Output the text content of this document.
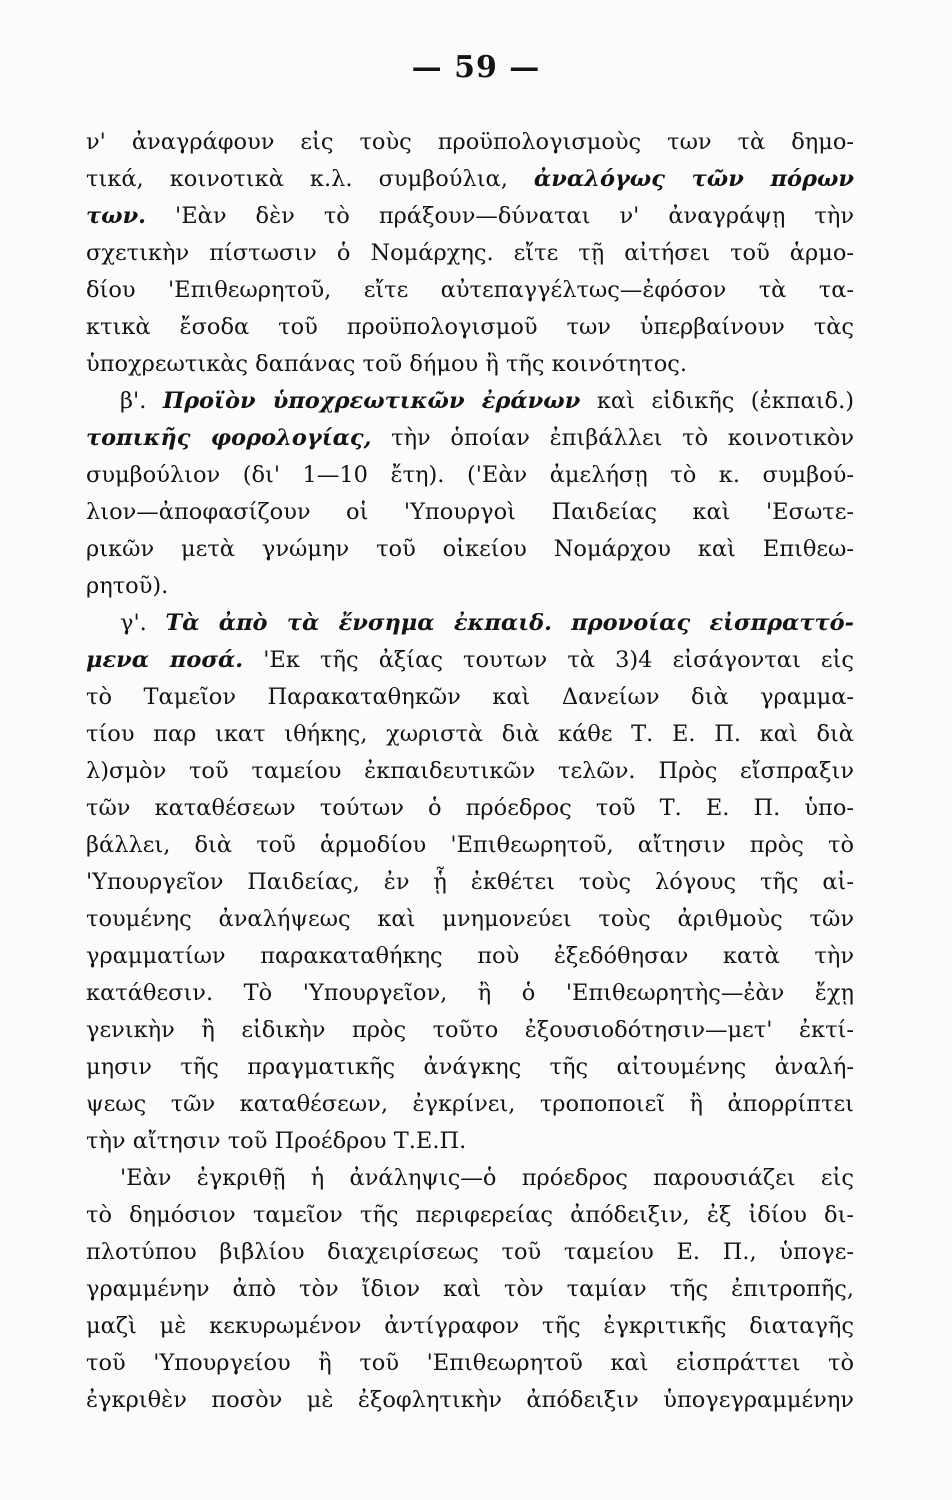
— 59 —
ν' ἀναγράφουν εἰς τοὺς προϋπολογισμοὺς των τὰ δημο-
τικά, κοινοτικὰ κ.λ. συμβούλια, ἀναλόγως τῶν πόρων
των. 'Εὰν δὲν τὸ πράξουν—δύναται ν' ἀναγράψῃ τὴν
σχετικὴν πίστωσιν ὁ Νομάρχης. εἴτε τῇ αἰτήσει τοῦ ἁρμο-
δίου 'Επιθεωρητοῦ, εἴτε αὐτεπαγγέλτως—ἐφόσον τὰ τα-
κτικὰ ἔσοδα τοῦ προϋπολογισμοῦ των ὑπερβαίνουν τὰς
ὑποχρεωτικὰς δαπάνας τοῦ δήμου ἢ τῆς κοινότητος.
β'. Προϊὸν ὑποχρεωτικῶν ἐράνων καὶ εἰδικῆς (ἐκπαιδ.)
τοπικῆς φορολογίας, τὴν ὁποίαν ἐπιβάλλει τὸ κοινοτικὸν
συμβούλιον (δι' 1—10 ἔτη). ('Εὰν ἀμελήσῃ τὸ κ. συμβού-
λιον—ἀποφασίζουν οἱ 'Υπουργοὶ Παιδείας καὶ 'Εσωτε-
ρικῶν μετὰ γνώμην τοῦ οἰκείου Νομάρχου καὶ Επιθεω-
ρητοῦ).
γ'. Τὰ ἀπὸ τὰ ἔνσημα ἐκπαιδ. προνοίας εἰσπραττό-
μενα ποσά. 'Εκ τῆς ἀξίας τουτων τὰ 3)4 εἰσάγονται εἰς
τὸ Ταμεῖον Παρακαταθηκῶν καὶ Δανείων διὰ γραμμα-
τίου παρ ικατ ιθήκης, χωριστὰ διὰ κάθε Τ. Ε. Π. καὶ διὰ
λ)σμὸν τοῦ ταμείου ἐκπαιδευτικῶν τελῶν. Πρὸς εἴσπραξιν
τῶν καταθέσεων τούτων ὁ πρόεδρος τοῦ Τ. Ε. Π. ὑπο-
βάλλει, διὰ τοῦ ἁρμοδίου 'Επιθεωρητοῦ, αἴτησιν πρὸς τὸ
'Υπουργεῖον Παιδείας, ἐν ᾗ ἐκθέτει τοὺς λόγους τῆς αἰ-
τουμένης ἀναλήψεως καὶ μνημονεύει τοὺς ἀριθμοὺς τῶν
γραμματίων παρακαταθήκης ποὺ ἐξεδόθησαν κατὰ τὴν
κατάθεσιν. Τὸ 'Υπουργεῖον, ἢ ὁ 'Επιθεωρητὴς—ἐὰν ἔχῃ
γενικὴν ἢ εἰδικὴν πρὸς τοῦτο ἐξουσιοδότησιν—μετ' ἐκτί-
μησιν τῆς πραγματικῆς ἀνάγκης τῆς αἰτουμένης ἀναλή-
ψεως τῶν καταθέσεων, ἐγκρίνει, τροποποιεῖ ἢ ἀπορρίπτει
τὴν αἴτησιν τοῦ Προέδρου Τ.Ε.Π.
'Εὰν ἐγκριθῇ ἡ ἀνάληψις—ὁ πρόεδρος παρουσιάζει εἰς
τὸ δημόσιον ταμεῖον τῆς περιφερείας ἀπόδειξιν, ἐξ ἰδίου δι-
πλοτύπου βιβλίου διαχειρίσεως τοῦ ταμείου Ε. Π., ὑπογε-
γραμμένην ἀπὸ τὸν ἴδιον καὶ τὸν ταμίαν τῆς ἐπιτροπῆς,
μαζὶ μὲ κεκυρωμένον ἀντίγραφον τῆς ἐγκριτικῆς διαταγῆς
τοῦ 'Υπουργείου ἢ τοῦ 'Επιθεωρητοῦ καὶ εἰσπράττει τὸ
ἐγκριθὲν ποσὸν μὲ ἐξοφλητικὴν ἀπόδειξιν ὑπογεγραμμένην
